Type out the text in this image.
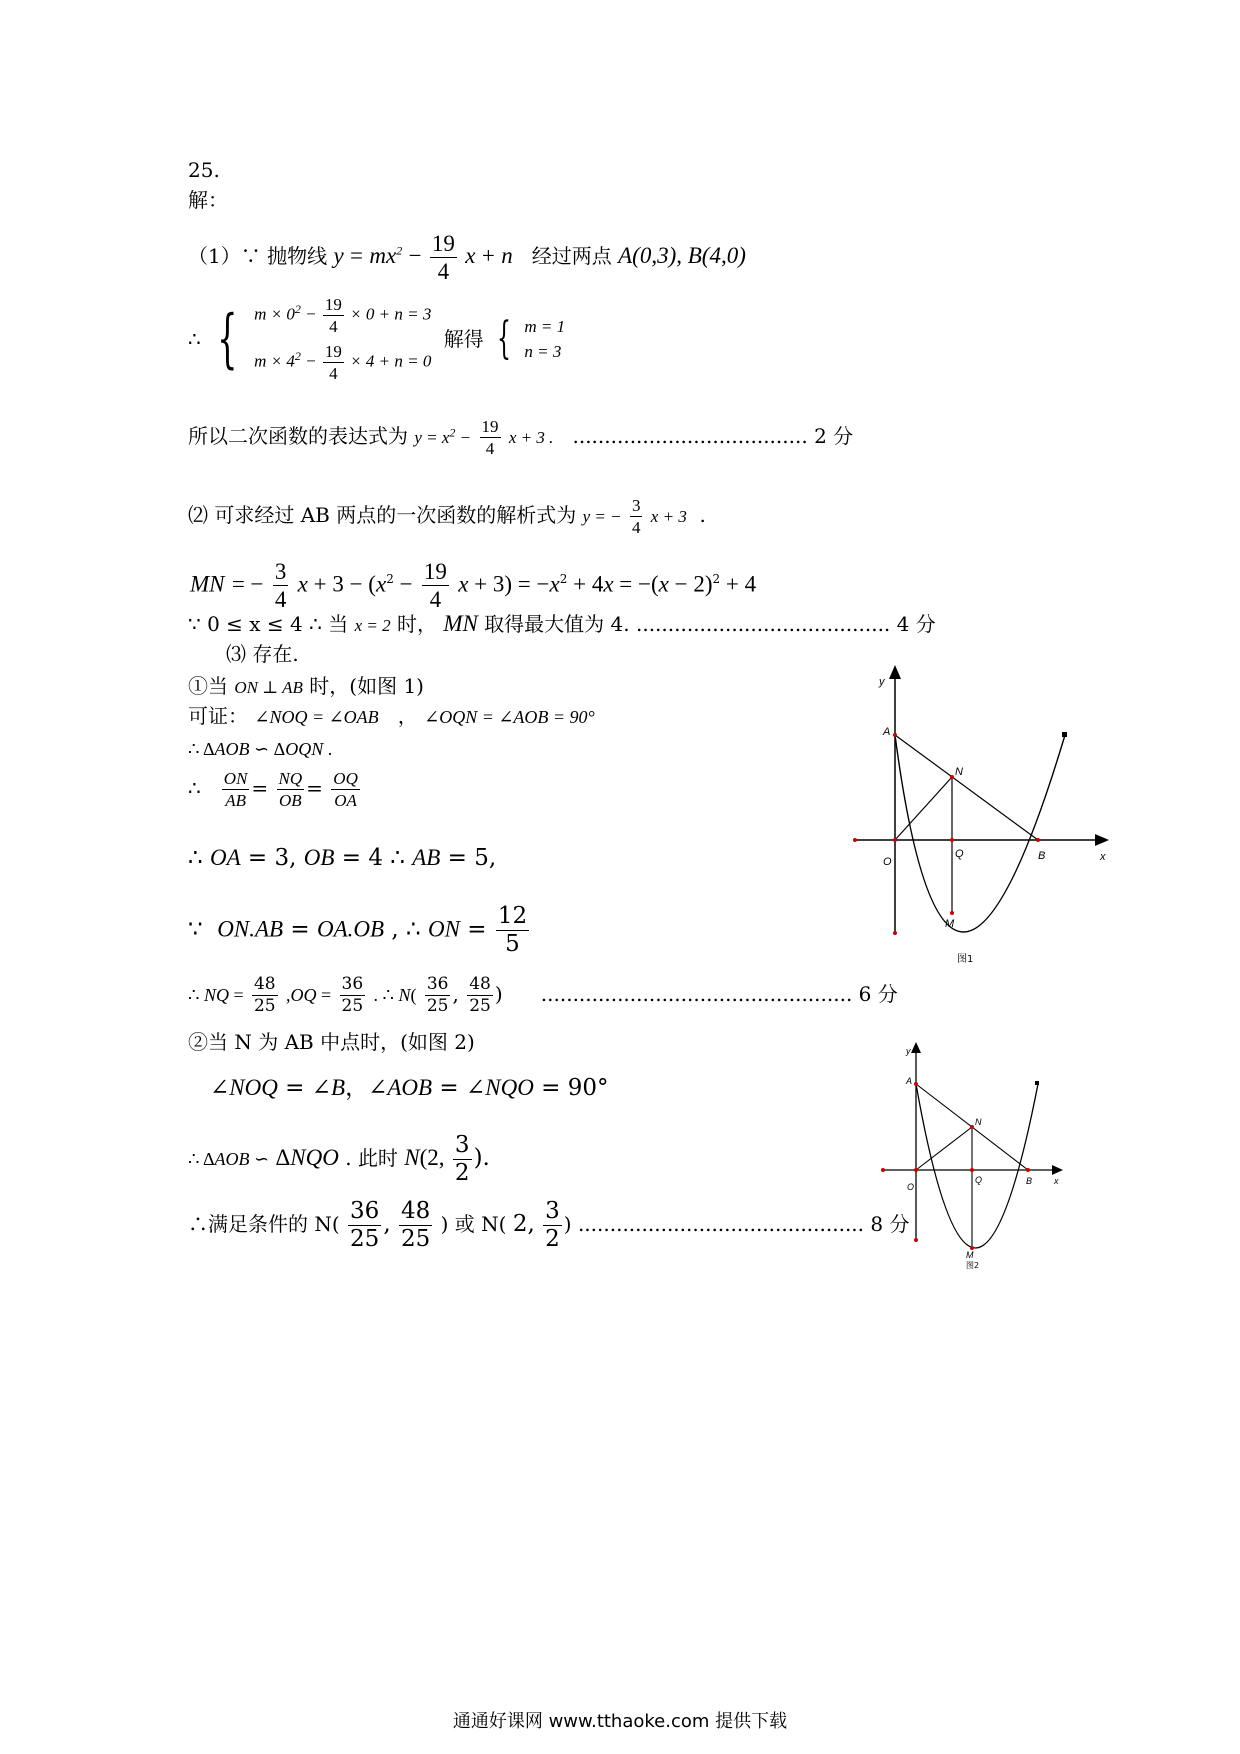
25.
解：
（1）∵ 抛物线 $y = mx^2 - \frac{19}{4}$ x + n 经过两点 A(0,3), B(4,0)
∴ { $m \times 0^2 - \frac{19}{4} \times 0 + n = 3$
$m \times 4^2 - \frac{19}{4} \times 4 + n = 0$
解得 { m = 1
n = 3
所以二次函数的表达式为 $y = x^2 - \frac{19}{4}$ x + 3 .   ..................................... 2 分
⑵ 可求经过 AB 两点的一次函数的解析式为 y = − $\frac{3}{4}$ x + 3  .
MN = − $\frac{3}{4}$ $x + 3 - (x^2 - \frac{19}{4}$ $x + 3) = -x^2 + 4x = -(x - 2)^2 + 4$
∵ 0 ≤ x ≤ 4 ∴ 当 x = 2 时， MN 取得最大值为 4. ........................................ 4 分
⑶ 存在.
①当 ON ⊥ AB 时，(如图 1)
可证： ∠NOQ = ∠OAB   ， ∠OQN = ∠AOB = 90°
∴ ΔAOB ∽ ΔOQN .
∴ $\frac{ON}{AB} = \frac{NQ}{OB} = \frac{OQ}{OA}$
∴ OA = 3, OB = 4 ∴ AB = 5,
∵  ON.AB = OA.OB , ∴ ON = $\frac{12}{5}$
∴ NQ = $\frac{48}{25} ,OQ = \frac{36}{25}$ . ∴ $N( \frac{36}{25}$ , $\frac{48}{25}$ )      ................................................. 6 分
②当 N 为 AB 中点时，(如图 2)
∠NOQ = ∠B，∠AOB = ∠NQO = 90°
∴ ΔAOB ∽ ΔNQO . 此时 N(2, $\frac{3}{2}$ ).
∴满足条件的 $N( \frac{36}{25}$ , $\frac{48}{25}$ ) 或 N( 2, $\frac{3}{2}$ ) ............................................. 8 分
y
x
O
A
B
N
Q
M
图1
y
x
O
A
B
N
Q
M
图2
通通好课网 www.tthaoke.com 提供下载
